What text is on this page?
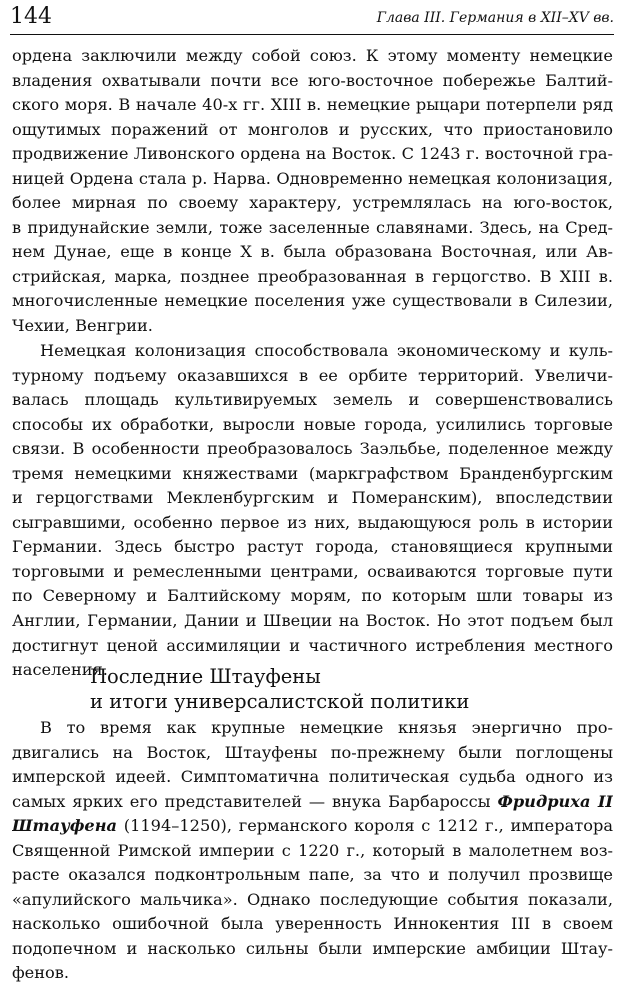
144	Глава III. Германия в XII–XV вв.
ордена заключили между собой союз. К этому моменту немецкие
владения охватывали почти все юго-восточное побережье Балтий-
ского моря. В начале 40-х гг. XIII в. немецкие рыцари потерпели ряд
ощутимых поражений от монголов и русских, что приостановило
продвижение Ливонского ордена на Восток. С 1243 г. восточной гра-
ницей Ордена стала р. Нарва. Одновременно немецкая колонизация,
более мирная по своему характеру, устремлялась на юго-восток,
в придунайские земли, тоже заселенные славянами. Здесь, на Сред-
нем Дунае, еще в конце X в. была образована Восточная, или Ав-
стрийская, марка, позднее преобразованная в герцогство. В XIII в.
многочисленные немецкие поселения уже существовали в Силезии,
Чехии, Венгрии.
Немецкая колонизация способствовала экономическому и куль-
турному подъему оказавшихся в ее орбите территорий. Увеличи-
валась площадь культивируемых земель и совершенствовались
способы их обработки, выросли новые города, усилились торговые
связи. В особенности преобразовалось Заэльбье, поделенное между
тремя немецкими княжествами (маркграфством Бранденбургским
и герцогствами Мекленбургским и Померанским), впоследствии
сыгравшими, особенно первое из них, выдающуюся роль в истории
Германии. Здесь быстро растут города, становящиеся крупными
торговыми и ремесленными центрами, осваиваются торговые пути
по Северному и Балтийскому морям, по которым шли товары из
Англии, Германии, Дании и Швеции на Восток. Но этот подъем был
достигнут ценой ассимиляции и частичного истребления местного
населения.
Последние Штауфены
и итоги универсалистской политики
В то время как крупные немецкие князья энергично про-
двигались на Восток, Штауфены по-прежнему были поглощены
имперской идеей. Симптоматична политическая судьба одного из
самых ярких его представителей — внука Барбароссы Фридриха II
Штауфена (1194–1250), германского короля с 1212 г., императора
Священной Римской империи с 1220 г., который в малолетнем воз-
расте оказался подконтрольным папе, за что и получил прозвище
«апулийского мальчика». Однако последующие события показали,
насколько ошибочной была уверенность Иннокентия III в своем
подопечном и насколько сильны были имперские амбиции Штау-
фенов.
